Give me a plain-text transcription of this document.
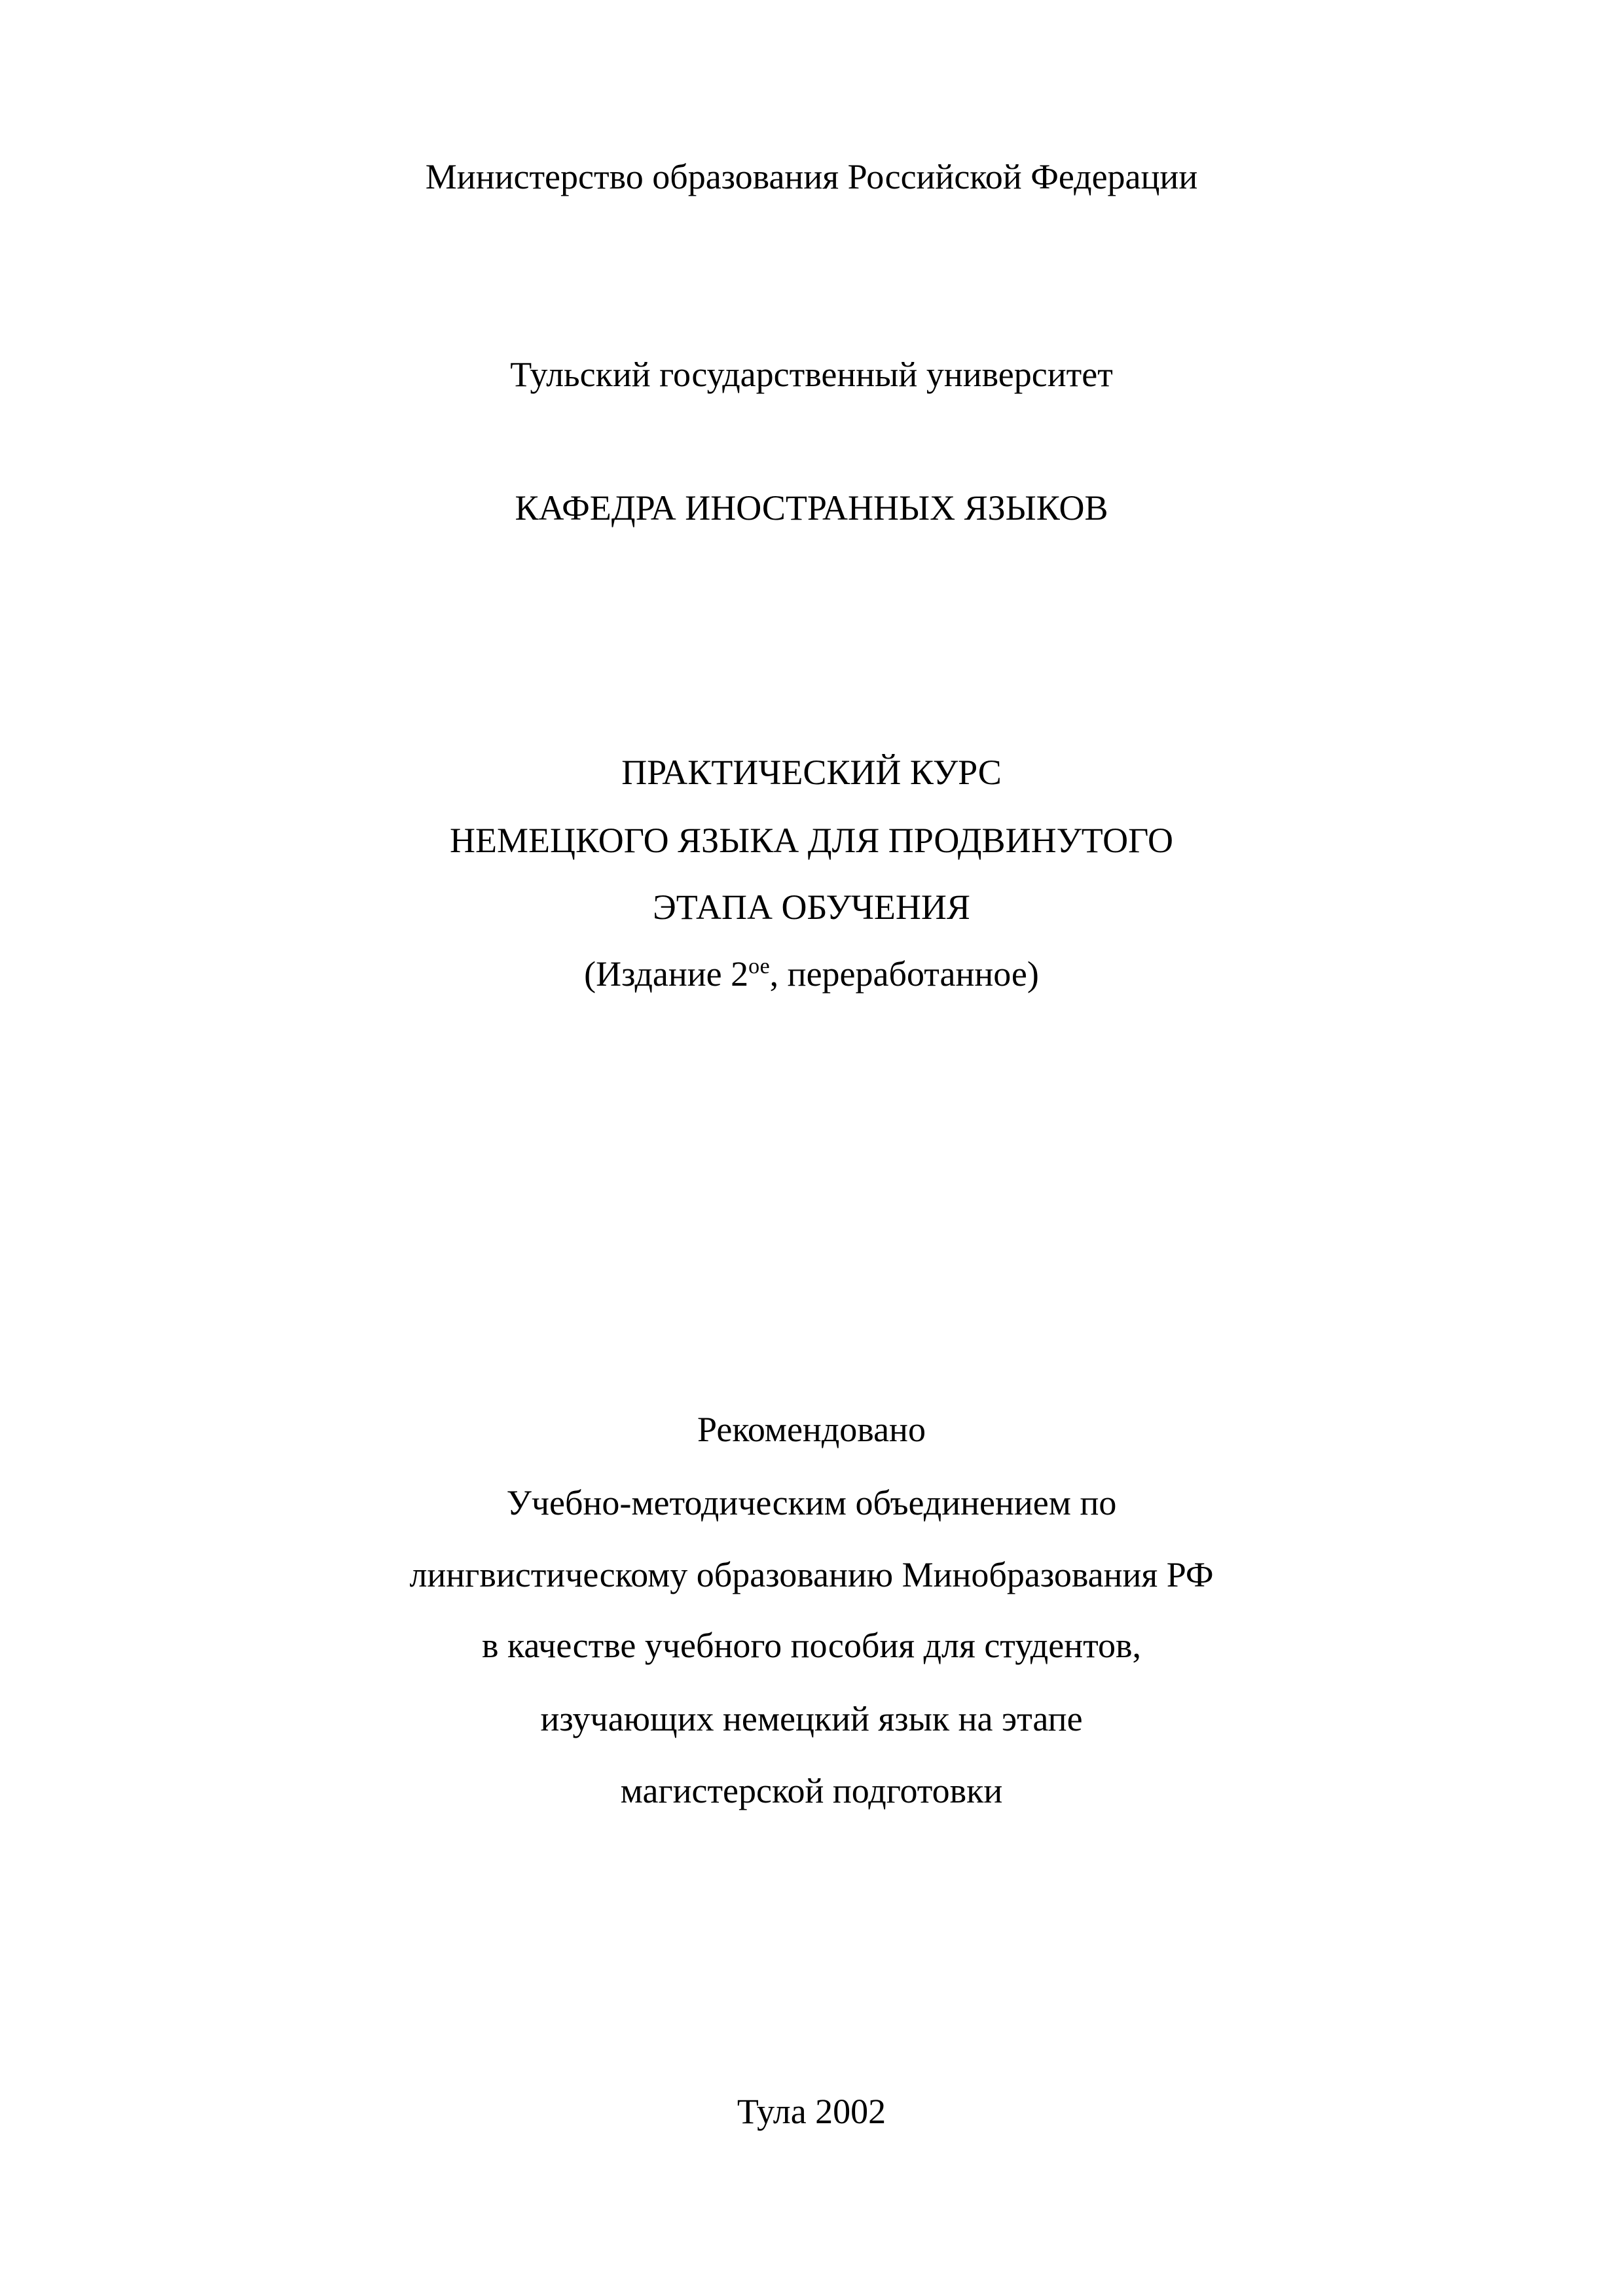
Министерство образования Российской Федерации
Тульский государственный университет
КАФЕДРА ИНОСТРАННЫХ ЯЗЫКОВ
ПРАКТИЧЕСКИЙ КУРС
НЕМЕЦКОГО ЯЗЫКА ДЛЯ ПРОДВИНУТОГО
ЭТАПА ОБУЧЕНИЯ
(Издание $2^{ое}$, переработанное)
Рекомендовано
Учебно-методическим объединением по
лингвистическому образованию Минобразования РФ
в качестве учебного пособия для студентов,
изучающих немецкий язык на этапе
магистерской подготовки
Тула 2002
